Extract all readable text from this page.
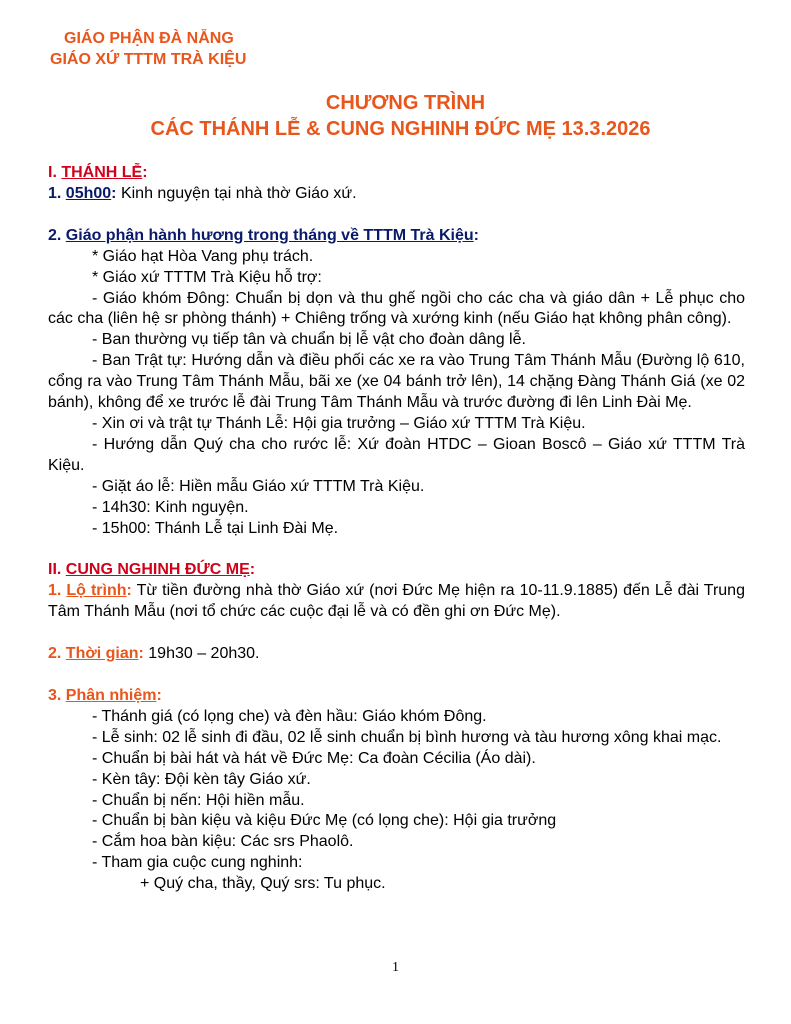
GIÁO PHẬN ĐÀ NẴNG
GIÁO XỨ TTTM TRÀ KIỆU
CHƯƠNG TRÌNH
CÁC THÁNH LỄ & CUNG NGHINH ĐỨC MẸ 13.3.2026

I. THÁNH LỄ:

1. 05h00: Kinh nguyện tại nhà thờ Giáo xứ.

2. Giáo phận hành hương trong tháng về TTTM Trà Kiệu:

* Giáo hạt Hòa Vang phụ trách.

* Giáo xứ TTTM Trà Kiệu hỗ trợ:

- Giáo khóm Đông: Chuẩn bị dọn và thu ghế ngồi cho các cha và giáo dân + Lễ phục cho các cha (liên hệ sr phòng thánh) + Chiêng trống và xướng kinh (nếu Giáo hạt không phân công).

- Ban thường vụ tiếp tân và chuẩn bị lễ vật cho đoàn dâng lễ.

- Ban Trật tự: Hướng dẫn và điều phối các xe ra vào Trung Tâm Thánh Mẫu (Đường lộ 610, cổng ra vào Trung Tâm Thánh Mẫu, bãi xe (xe 04 bánh trở lên), 14 chặng Đàng Thánh Giá (xe 02 bánh), không để xe trước lễ đài Trung Tâm Thánh Mẫu và trước đường đi lên Linh Đài Mẹ.

- Xin ơi và trật tự Thánh Lễ: Hội gia trưởng – Giáo xứ TTTM Trà Kiệu.

- Hướng dẫn Quý cha cho rước lễ: Xứ đoàn HTDC – Gioan Boscô – Giáo xứ TTTM Trà Kiệu.

- Giặt áo lễ: Hiền mẫu Giáo xứ TTTM Trà Kiệu.

- 14h30: Kinh nguyện.

- 15h00: Thánh Lễ tại Linh Đài Mẹ.

II. CUNG NGHINH ĐỨC MẸ:

1. Lộ trình: Từ tiền đường nhà thờ Giáo xứ (nơi Đức Mẹ hiện ra 10-11.9.1885) đến Lễ đài Trung Tâm Thánh Mẫu (nơi tổ chức các cuộc đại lễ và có đền ghi ơn Đức Mẹ).

2. Thời gian: 19h30 – 20h30.

3. Phân nhiệm:

- Thánh giá (có lọng che) và đèn hầu: Giáo khóm Đông.

- Lễ sinh: 02 lễ sinh đi đầu, 02 lễ sinh chuẩn bị bình hương và tàu hương xông khai mạc.

- Chuẩn bị bài hát và hát về Đức Mẹ: Ca đoàn Cécilia (Áo dài).

- Kèn tây: Đội kèn tây Giáo xứ.

- Chuẩn bị nến: Hội hiền mẫu.

- Chuẩn bị bàn kiệu và kiệu Đức Mẹ (có lọng che): Hội gia trưởng

- Cắm hoa bàn kiệu: Các srs Phaolô.

- Tham gia cuộc cung nghinh:

+ Quý cha, thầy, Quý srs: Tu phục.

1
